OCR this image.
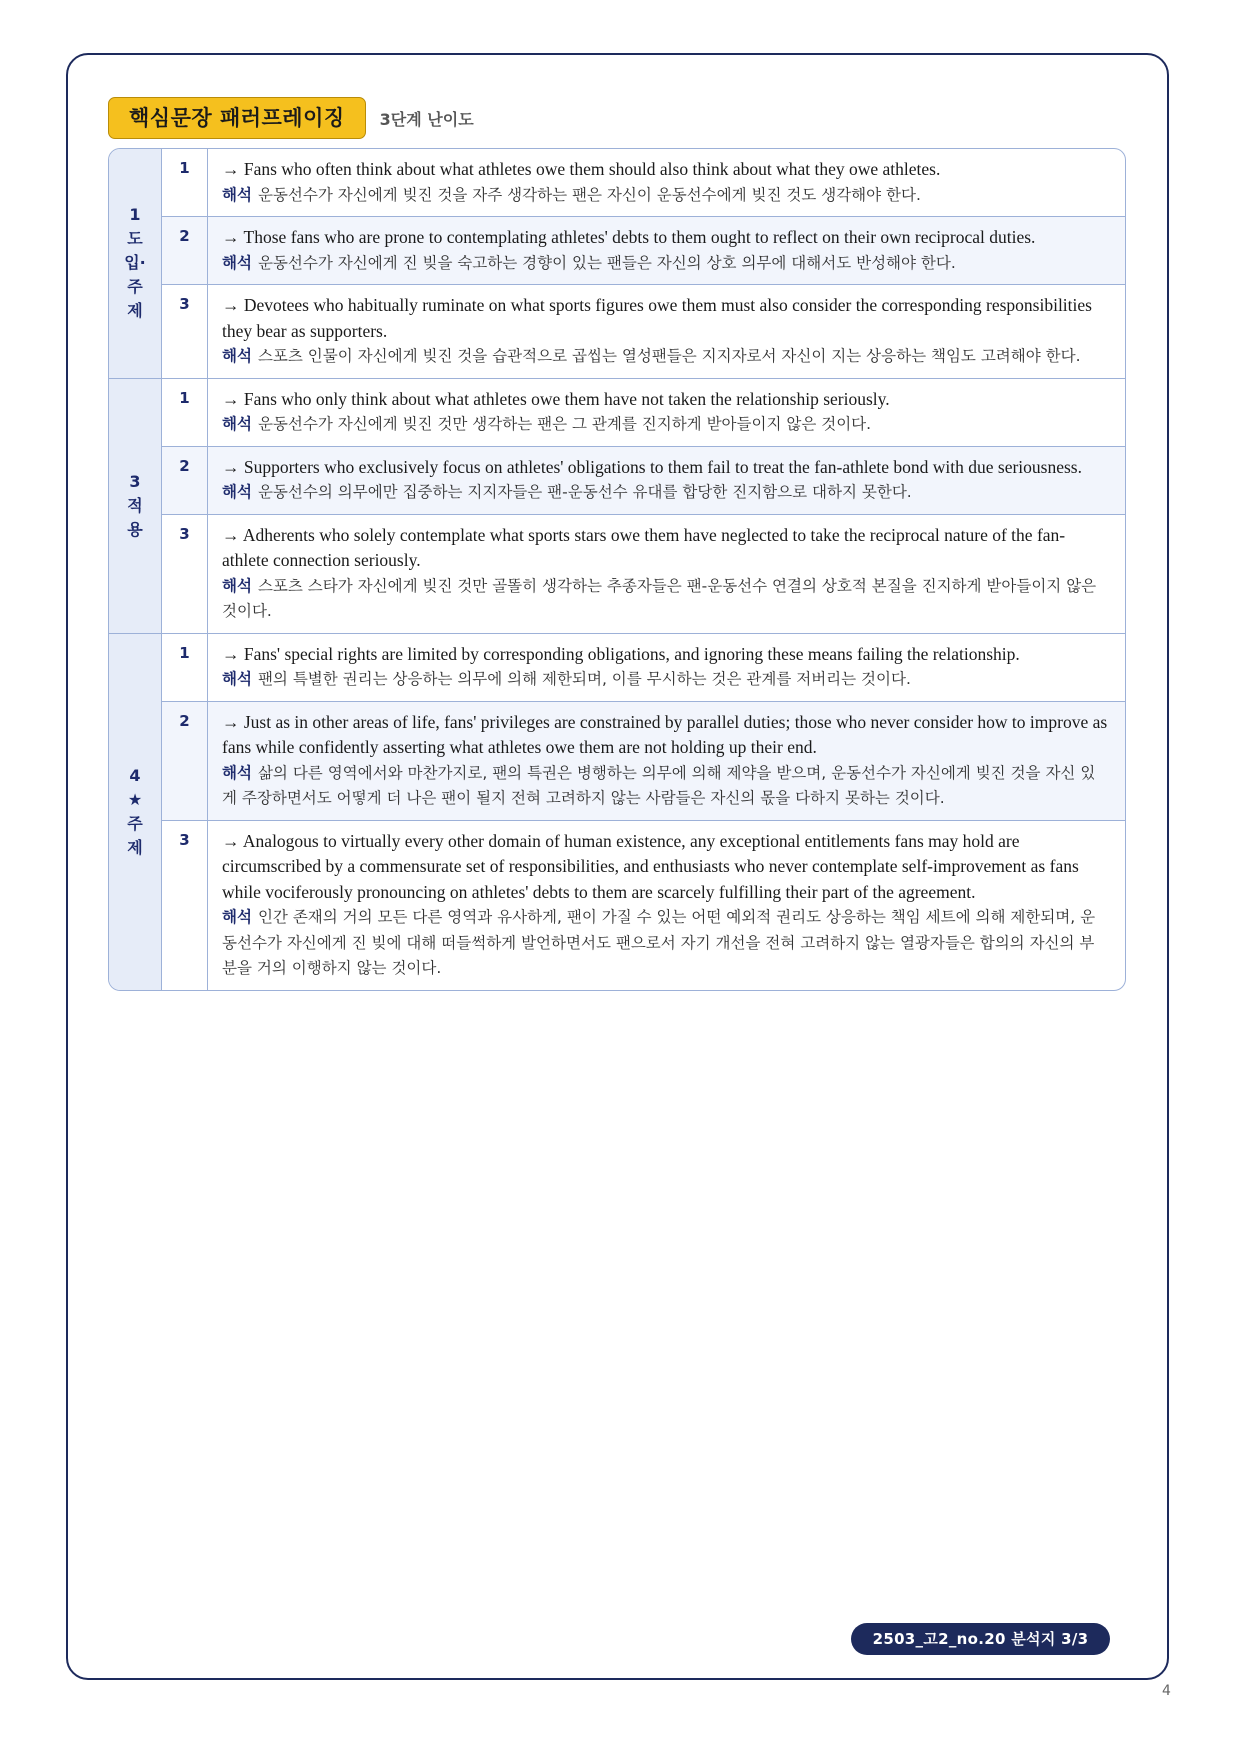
핵심문장 패러프레이징	3단계 난이도
1
도
입·
주
제
1	→ Fans who often think about what athletes owe them should also think about what they owe athletes.
해석 운동선수가 자신에게 빚진 것을 자주 생각하는 팬은 자신이 운동선수에게 빚진 것도 생각해야 한다.
2	→ Those fans who are prone to contemplating athletes' debts to them ought to reflect on their own reciprocal duties.
해석 운동선수가 자신에게 진 빚을 숙고하는 경향이 있는 팬들은 자신의 상호 의무에 대해서도 반성해야 한다.
3	→ Devotees who habitually ruminate on what sports figures owe them must also consider the corresponding responsibilities they bear as supporters.
해석 스포츠 인물이 자신에게 빚진 것을 습관적으로 곱씹는 열성팬들은 지지자로서 자신이 지는 상응하는 책임도 고려해야 한다.
3
적
용
1	→ Fans who only think about what athletes owe them have not taken the relationship seriously.
해석 운동선수가 자신에게 빚진 것만 생각하는 팬은 그 관계를 진지하게 받아들이지 않은 것이다.
2	→ Supporters who exclusively focus on athletes' obligations to them fail to treat the fan-athlete bond with due seriousness.
해석 운동선수의 의무에만 집중하는 지지자들은 팬-운동선수 유대를 합당한 진지함으로 대하지 못한다.
3	→ Adherents who solely contemplate what sports stars owe them have neglected to take the reciprocal nature of the fan-athlete connection seriously.
해석 스포츠 스타가 자신에게 빚진 것만 골똘히 생각하는 추종자들은 팬-운동선수 연결의 상호적 본질을 진지하게 받아들이지 않은 것이다.
4
★
주
제
1	→ Fans' special rights are limited by corresponding obligations, and ignoring these means failing the relationship.
해석 팬의 특별한 권리는 상응하는 의무에 의해 제한되며, 이를 무시하는 것은 관계를 저버리는 것이다.
2	→ Just as in other areas of life, fans' privileges are constrained by parallel duties; those who never consider how to improve as fans while confidently asserting what athletes owe them are not holding up their end.
해석 삶의 다른 영역에서와 마찬가지로, 팬의 특권은 병행하는 의무에 의해 제약을 받으며, 운동선수가 자신에게 빚진 것을 자신 있게 주장하면서도 어떻게 더 나은 팬이 될지 전혀 고려하지 않는 사람들은 자신의 몫을 다하지 못하는 것이다.
3	→ Analogous to virtually every other domain of human existence, any exceptional entitlements fans may hold are circumscribed by a commensurate set of responsibilities, and enthusiasts who never contemplate self-improvement as fans while vociferously pronouncing on athletes' debts to them are scarcely fulfilling their part of the agreement.
해석 인간 존재의 거의 모든 다른 영역과 유사하게, 팬이 가질 수 있는 어떤 예외적 권리도 상응하는 책임 세트에 의해 제한되며, 운동선수가 자신에게 진 빚에 대해 떠들썩하게 발언하면서도 팬으로서 자기 개선을 전혀 고려하지 않는 열광자들은 합의의 자신의 부분을 거의 이행하지 않는 것이다.
2503_고2_no.20 분석지 3/3
4
